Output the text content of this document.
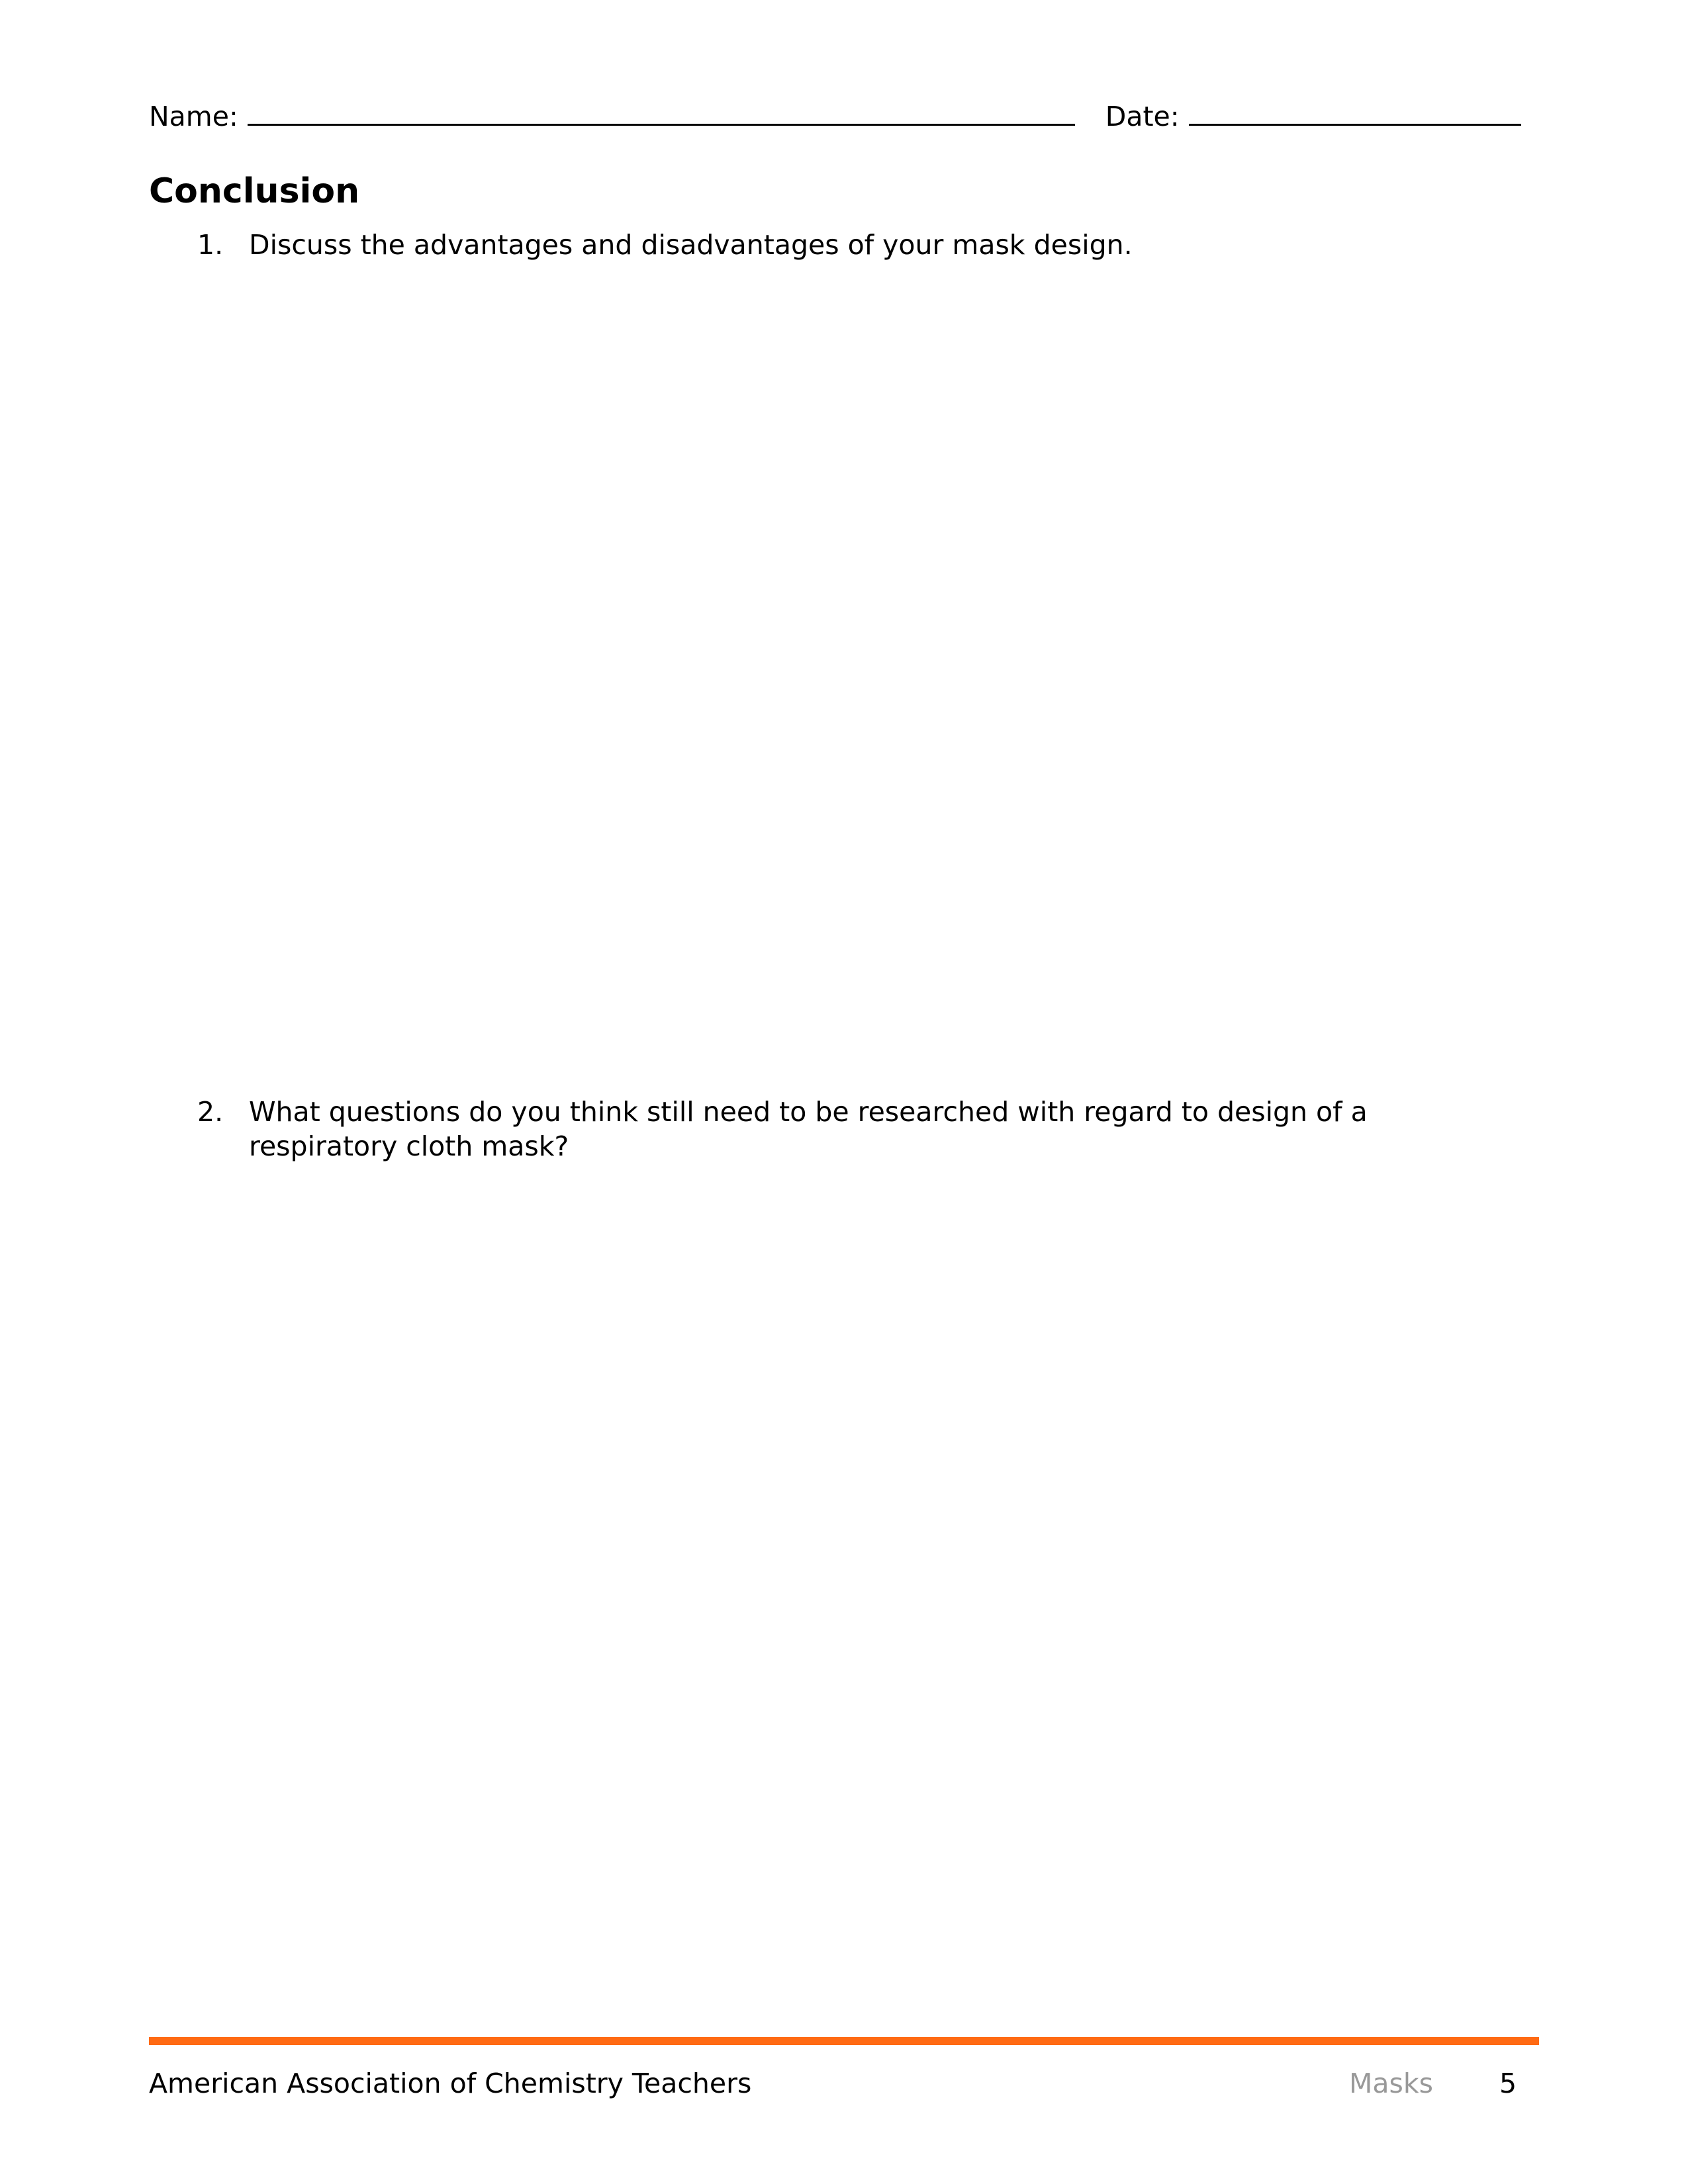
Name:	Date:
Conclusion
1. Discuss the advantages and disadvantages of your mask design.
2. What questions do you think still need to be researched with regard to design of a respiratory cloth mask?
American Association of Chemistry Teachers	Masks 5
